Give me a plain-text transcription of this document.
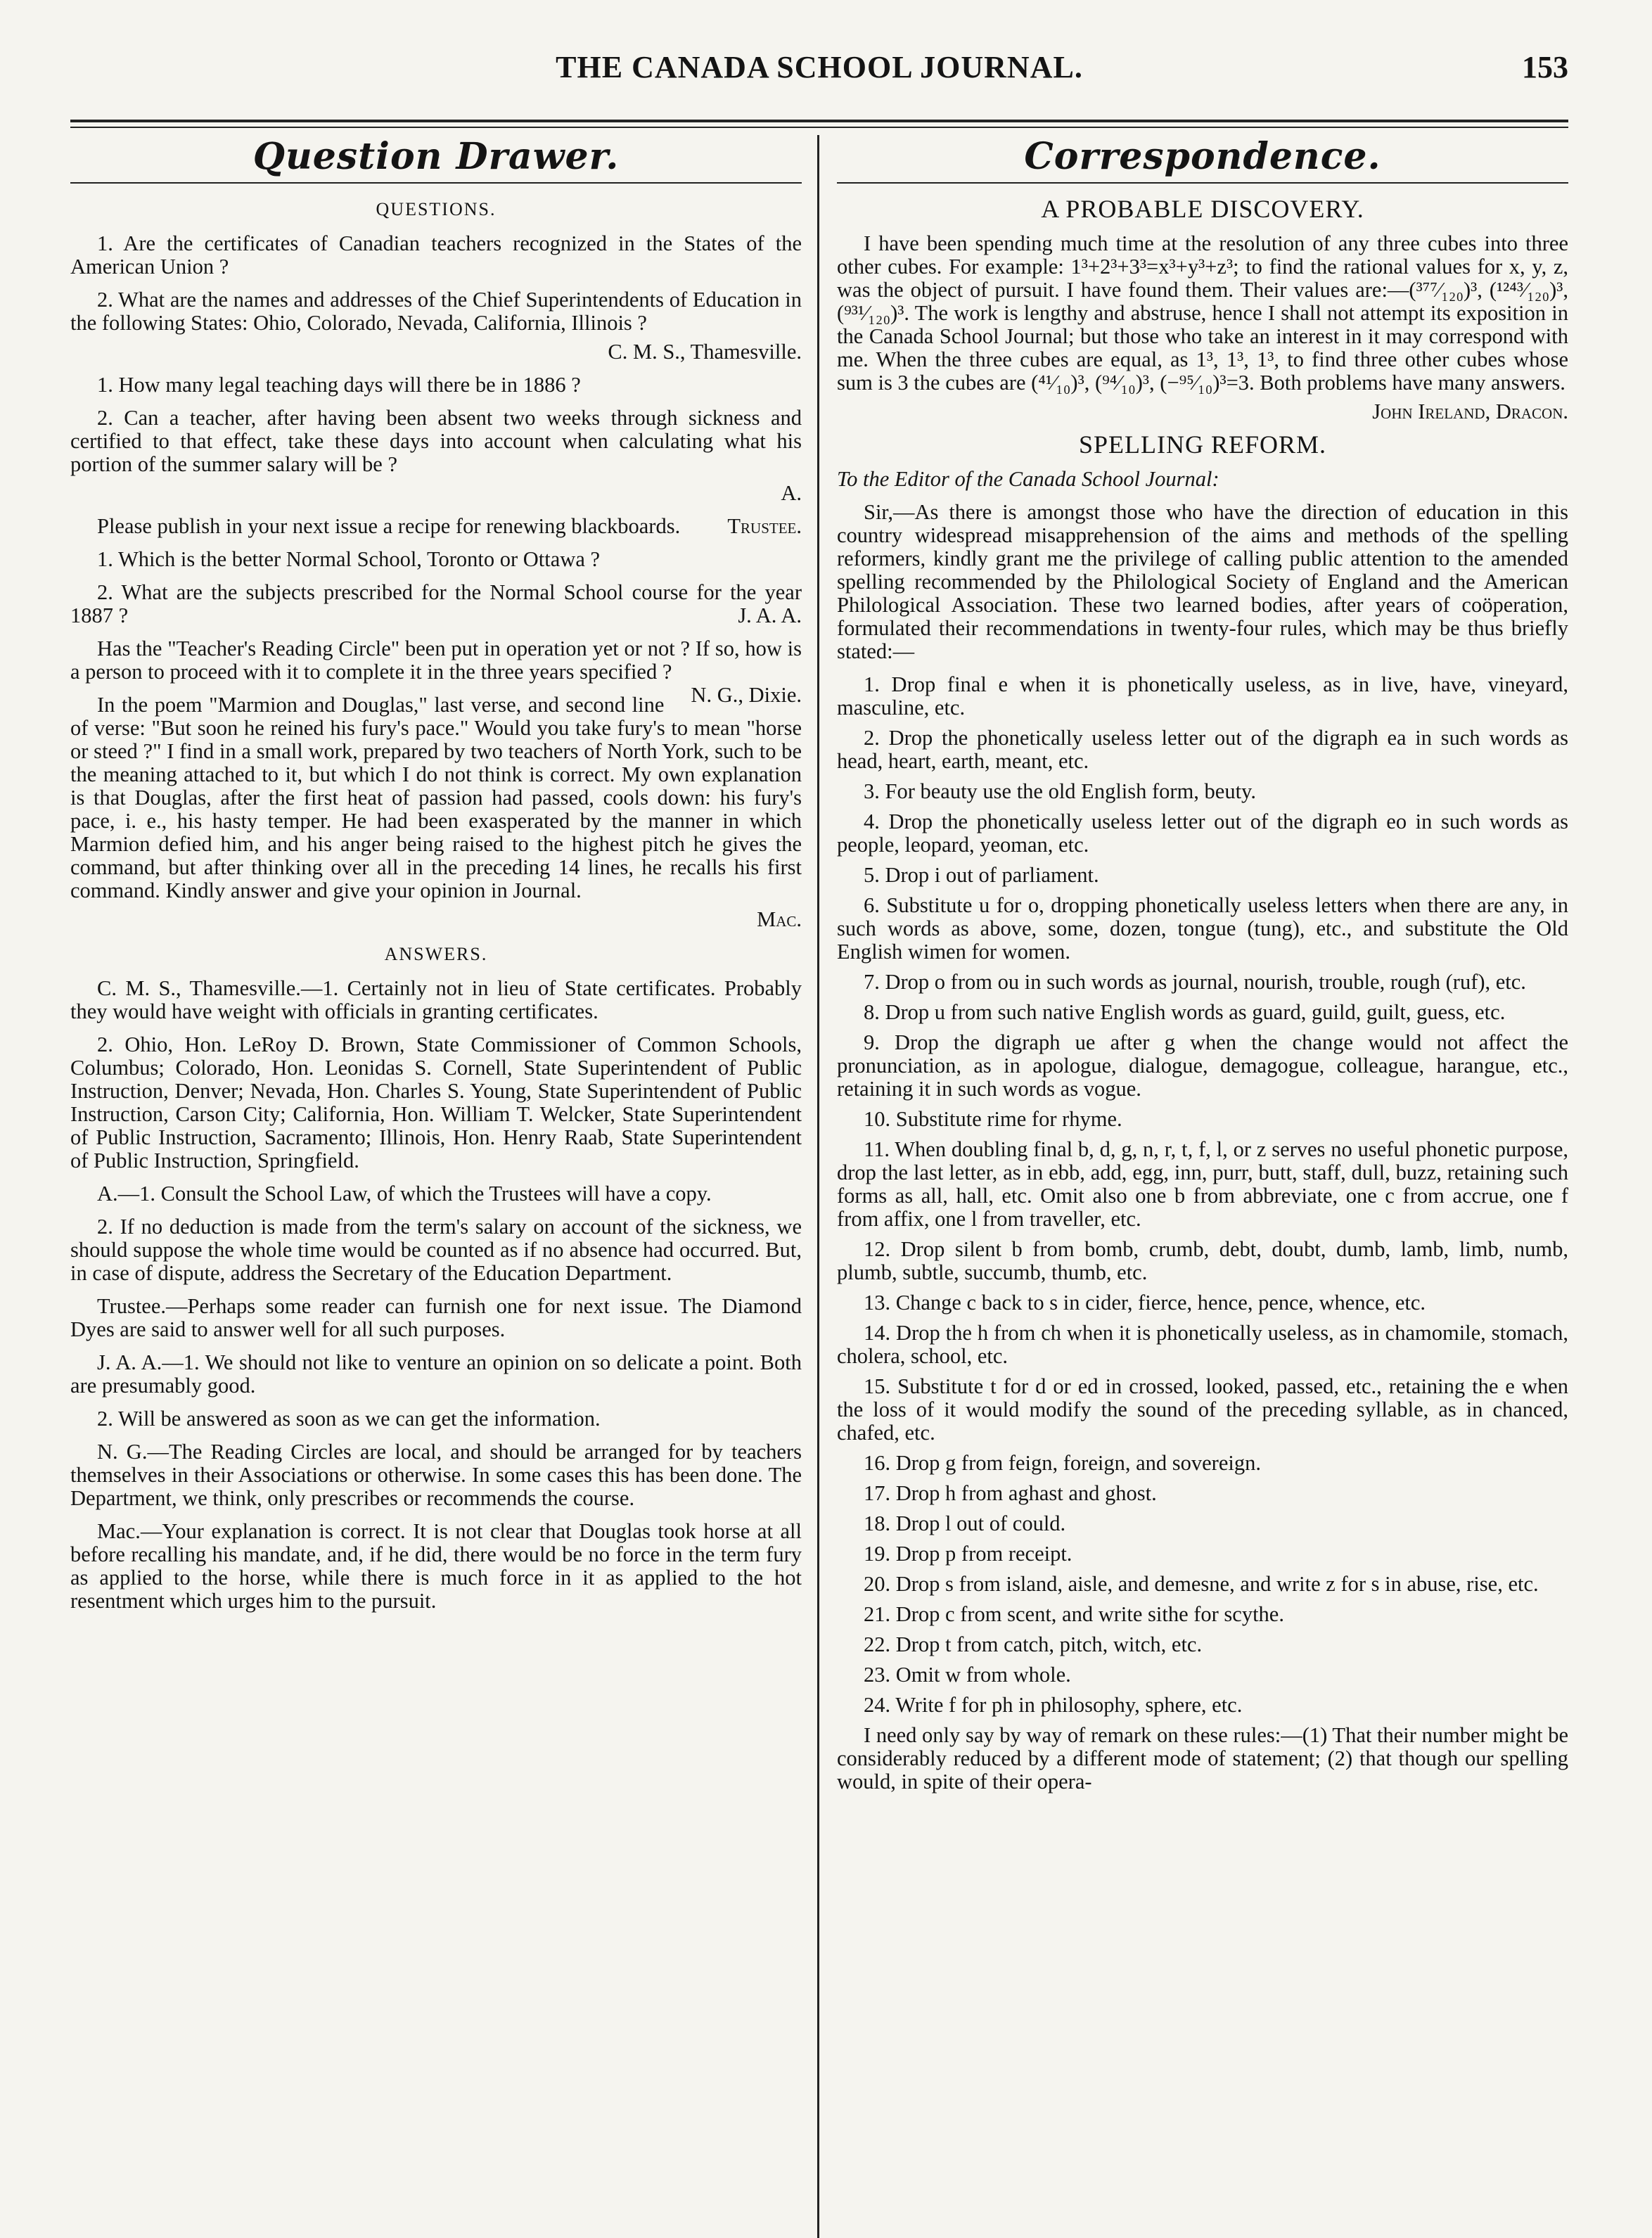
THE CANADA SCHOOL JOURNAL.	153
Question Drawer.
QUESTIONS.

1. Are the certificates of Canadian teachers recognized in the States of the American Union ?

2. What are the names and addresses of the Chief Superintendents of Education in the following States: Ohio, Colorado, Nevada, California, Illinois ?

C. M. S., Thamesville.

1. How many legal teaching days will there be in 1886 ?

2. Can a teacher, after having been absent two weeks through sickness and certified to that effect, take these days into account when calculating what his portion of the summer salary will be ?

A.

Please publish in your next issue a recipe for renewing blackboards.	Trustee.

1. Which is the better Normal School, Toronto or Ottawa ?

2. What are the subjects prescribed for the Normal School course for the year 1887 ?	J. A. A.

Has the "Teacher's Reading Circle" been put in operation yet or not ? If so, how is a person to proceed with it to complete it in the three years specified ?
N. G., Dixie.

In the poem "Marmion and Douglas," last verse, and second line of verse: "But soon he reined his fury's pace." Would you take fury's to mean "horse or steed ?" I find in a small work, prepared by two teachers of North York, such to be the meaning attached to it, but which I do not think is correct. My own explanation is that Douglas, after the first heat of passion had passed, cools down: his fury's pace, i. e., his hasty temper. He had been exasperated by the manner in which Marmion defied him, and his anger being raised to the highest pitch he gives the command, but after thinking over all in the preceding 14 lines, he recalls his first command. Kindly answer and give your opinion in Journal.

Mac.
ANSWERS.

C. M. S., Thamesville.—1. Certainly not in lieu of State certificates. Probably they would have weight with officials in granting certificates.

2. Ohio, Hon. LeRoy D. Brown, State Commissioner of Common Schools, Columbus; Colorado, Hon. Leonidas S. Cornell, State Superintendent of Public Instruction, Denver; Nevada, Hon. Charles S. Young, State Superintendent of Public Instruction, Carson City; California, Hon. William T. Welcker, State Superintendent of Public Instruction, Sacramento; Illinois, Hon. Henry Raab, State Superintendent of Public Instruction, Springfield.

A.—1. Consult the School Law, of which the Trustees will have a copy.

2. If no deduction is made from the term's salary on account of the sickness, we should suppose the whole time would be counted as if no absence had occurred. But, in case of dispute, address the Secretary of the Education Department.

Trustee.—Perhaps some reader can furnish one for next issue. The Diamond Dyes are said to answer well for all such purposes.

J. A. A.—1. We should not like to venture an opinion on so delicate a point. Both are presumably good.

2. Will be answered as soon as we can get the information.

N. G.—The Reading Circles are local, and should be arranged for by teachers themselves in their Associations or otherwise. In some cases this has been done. The Department, we think, only prescribes or recommends the course.

Mac.—Your explanation is correct. It is not clear that Douglas took horse at all before recalling his mandate, and, if he did, there would be no force in the term fury as applied to the horse, while there is much force in it as applied to the hot resentment which urges him to the pursuit.

Correspondence.
A PROBABLE DISCOVERY.

I have been spending much time at the resolution of any three cubes into three other cubes. For example: 1³+2³+3³=x³+y³+z³; to find the rational values for x, y, z, was the object of pursuit. I have found them. Their values are:—(³⁷⁷⁄₁₂₀)³, (¹²⁴³⁄₁₂₀)³, (⁹³¹⁄₁₂₀)³. The work is lengthy and abstruse, hence I shall not attempt its exposition in the Canada School Journal; but those who take an interest in it may correspond with me. When the three cubes are equal, as 1³, 1³, 1³, to find three other cubes whose sum is 3 the cubes are (⁴¹⁄₁₀)³, (⁹⁴⁄₁₀)³, (−⁹⁵⁄₁₀)³=3. Both problems have many answers.

John Ireland, Dracon.
SPELLING REFORM.

To the Editor of the Canada School Journal:

Sir,—As there is amongst those who have the direction of education in this country widespread misapprehension of the aims and methods of the spelling reformers, kindly grant me the privilege of calling public attention to the amended spelling recommended by the Philological Society of England and the American Philological Association. These two learned bodies, after years of coöperation, formulated their recommendations in twenty-four rules, which may be thus briefly stated:—

1. Drop final e when it is phonetically useless, as in live, have, vineyard, masculine, etc.

2. Drop the phonetically useless letter out of the digraph ea in such words as head, heart, earth, meant, etc.

3. For beauty use the old English form, beuty.

4. Drop the phonetically useless letter out of the digraph eo in such words as people, leopard, yeoman, etc.

5. Drop i out of parliament.

6. Substitute u for o, dropping phonetically useless letters when there are any, in such words as above, some, dozen, tongue (tung), etc., and substitute the Old English wimen for women.

7. Drop o from ou in such words as journal, nourish, trouble, rough (ruf), etc.

8. Drop u from such native English words as guard, guild, guilt, guess, etc.

9. Drop the digraph ue after g when the change would not affect the pronunciation, as in apologue, dialogue, demagogue, colleague, harangue, etc., retaining it in such words as vogue.

10. Substitute rime for rhyme.

11. When doubling final b, d, g, n, r, t, f, l, or z serves no useful phonetic purpose, drop the last letter, as in ebb, add, egg, inn, purr, butt, staff, dull, buzz, retaining such forms as all, hall, etc. Omit also one b from abbreviate, one c from accrue, one f from affix, one l from traveller, etc.

12. Drop silent b from bomb, crumb, debt, doubt, dumb, lamb, limb, numb, plumb, subtle, succumb, thumb, etc.

13. Change c back to s in cider, fierce, hence, pence, whence, etc.

14. Drop the h from ch when it is phonetically useless, as in chamomile, stomach, cholera, school, etc.

15. Substitute t for d or ed in crossed, looked, passed, etc., retaining the e when the loss of it would modify the sound of the preceding syllable, as in chanced, chafed, etc.

16. Drop g from feign, foreign, and sovereign.

17. Drop h from aghast and ghost.

18. Drop l out of could.

19. Drop p from receipt.

20. Drop s from island, aisle, and demesne, and write z for s in abuse, rise, etc.

21. Drop c from scent, and write sithe for scythe.

22. Drop t from catch, pitch, witch, etc.

23. Omit w from whole.

24. Write f for ph in philosophy, sphere, etc.

I need only say by way of remark on these rules:—(1) That their number might be considerably reduced by a different mode of statement; (2) that though our spelling would, in spite of their opera-
